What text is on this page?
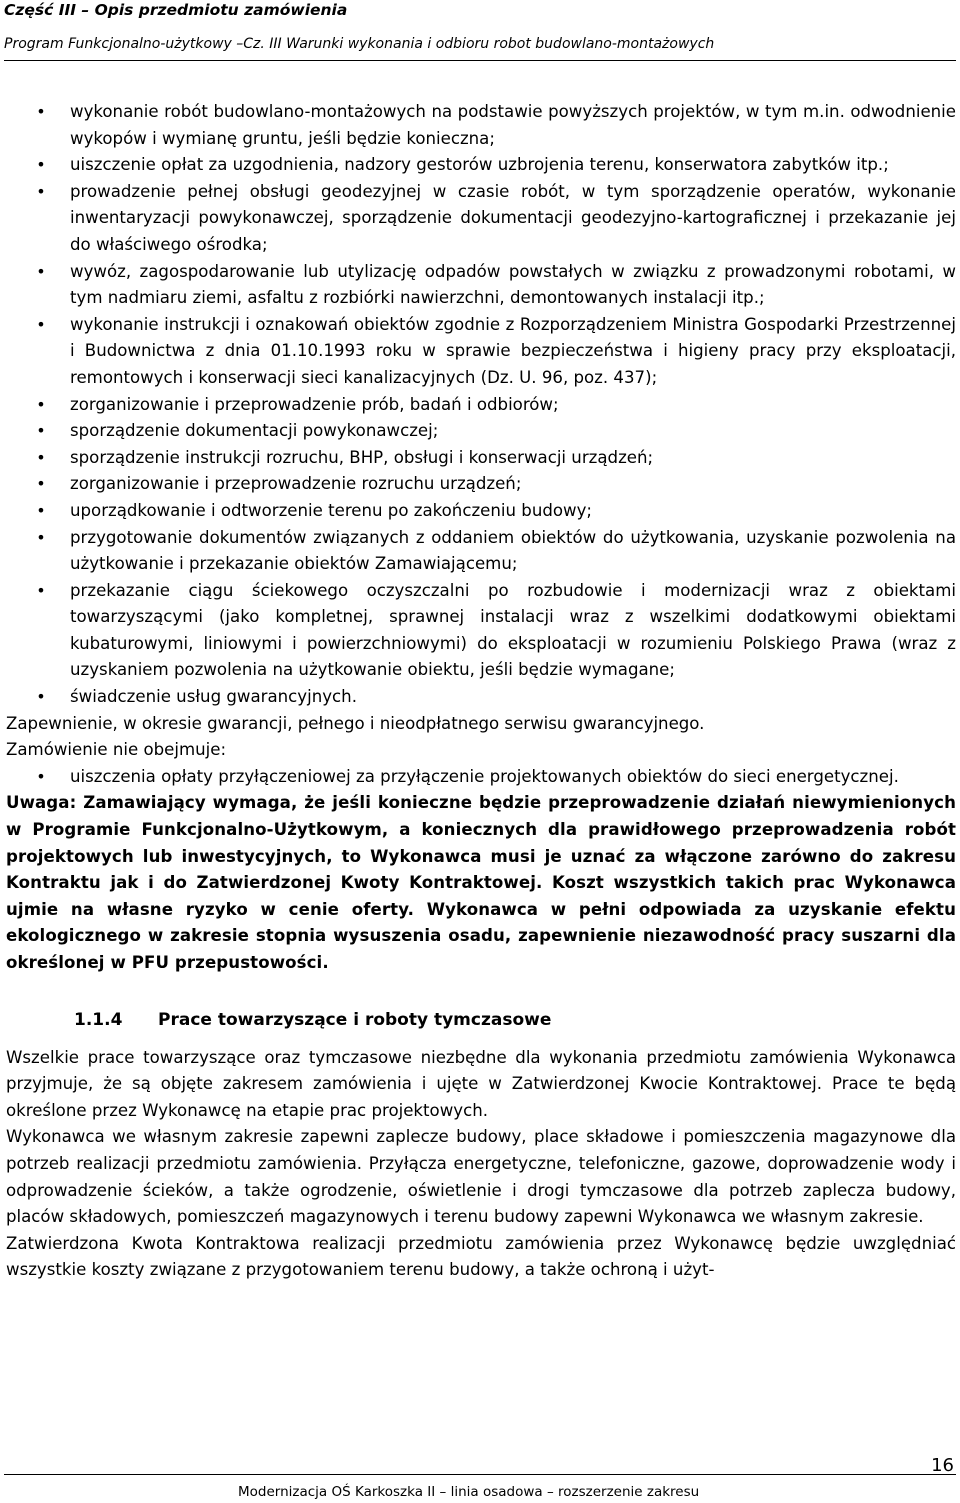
Część III – Opis przedmiotu zamówienia
Program Funkcjonalno-użytkowy –Cz. III Warunki wykonania i odbioru robot budowlano-montażowych
• wykonanie robót budowlano-montażowych na podstawie powyższych projektów, w tym m.in. odwodnienie wykopów i wymianę gruntu, jeśli będzie konieczna;
• uiszczenie opłat za uzgodnienia, nadzory gestorów uzbrojenia terenu, konserwatora zabytków itp.;
• prowadzenie pełnej obsługi geodezyjnej w czasie robót, w tym sporządzenie operatów, wykonanie inwentaryzacji powykonawczej, sporządzenie dokumentacji geodezyjno-kartograficznej i przekazanie jej do właściwego ośrodka;
• wywóz, zagospodarowanie lub utylizację odpadów powstałych w związku z prowadzonymi robotami, w tym nadmiaru ziemi, asfaltu z rozbiórki nawierzchni, demontowanych instalacji itp.;
• wykonanie instrukcji i oznakowań obiektów zgodnie z Rozporządzeniem Ministra Gospodarki Przestrzennej i Budownictwa z dnia 01.10.1993 roku w sprawie bezpieczeństwa i higieny pracy przy eksploatacji, remontowych i konserwacji sieci kanalizacyjnych (Dz. U. 96, poz. 437);
• zorganizowanie i przeprowadzenie prób, badań i odbiorów;
• sporządzenie dokumentacji powykonawczej;
• sporządzenie instrukcji rozruchu, BHP, obsługi i konserwacji urządzeń;
• zorganizowanie i przeprowadzenie rozruchu urządzeń;
• uporządkowanie i odtworzenie terenu po zakończeniu budowy;
• przygotowanie dokumentów związanych z oddaniem obiektów do użytkowania, uzyskanie pozwolenia na użytkowanie i przekazanie obiektów Zamawiającemu;
• przekazanie ciągu ściekowego oczyszczalni po rozbudowie i modernizacji wraz z obiektami towarzyszącymi (jako kompletnej, sprawnej instalacji wraz z wszelkimi dodatkowymi obiektami kubaturowymi, liniowymi i powierzchniowymi) do eksploatacji w rozumieniu Polskiego Prawa (wraz z uzyskaniem pozwolenia na użytkowanie obiektu, jeśli będzie wymagane;
• świadczenie usług gwarancyjnych.

Zapewnienie, w okresie gwarancji, pełnego i nieodpłatnego serwisu gwarancyjnego.

Zamówienie nie obejmuje:

• uiszczenia opłaty przyłączeniowej za przyłączenie projektowanych obiektów do sieci energetycznej.

Uwaga: Zamawiający wymaga, że jeśli konieczne będzie przeprowadzenie działań niewymienionych w Programie Funkcjonalno-Użytkowym, a koniecznych dla prawidłowego przeprowadzenia robót projektowych lub inwestycyjnych, to Wykonawca musi je uznać za włączone zarówno do zakresu Kontraktu jak i do Zatwierdzonej Kwoty Kontraktowej. Koszt wszystkich takich prac Wykonawca ujmie na własne ryzyko w cenie oferty. Wykonawca w pełni odpowiada za uzyskanie efektu ekologicznego w zakresie stopnia wysuszenia osadu, zapewnienie niezawodność pracy suszarni dla określonej w PFU przepustowości.

1.1.4 Prace towarzyszące i roboty tymczasowe

Wszelkie prace towarzyszące oraz tymczasowe niezbędne dla wykonania przedmiotu zamówienia Wykonawca przyjmuje, że są objęte zakresem zamówienia i ujęte w Zatwierdzonej Kwocie Kontraktowej. Prace te będą określone przez Wykonawcę na etapie prac projektowych.

Wykonawca we własnym zakresie zapewni zaplecze budowy, place składowe i pomieszczenia magazynowe dla potrzeb realizacji przedmiotu zamówienia. Przyłącza energetyczne, telefoniczne, gazowe, doprowadzenie wody i odprowadzenie ścieków, a także ogrodzenie, oświetlenie i drogi tymczasowe dla potrzeb zaplecza budowy, placów składowych, pomieszczeń magazynowych i terenu budowy zapewni Wykonawca we własnym zakresie.

Zatwierdzona Kwota Kontraktowa realizacji przedmiotu zamówienia przez Wykonawcę będzie uwzględniać wszystkie koszty związane z przygotowaniem terenu budowy, a także ochroną i użyt-

Modernizacja OŚ Karkoszka II – linia osadowa – rozszerzenie zakresu
16
